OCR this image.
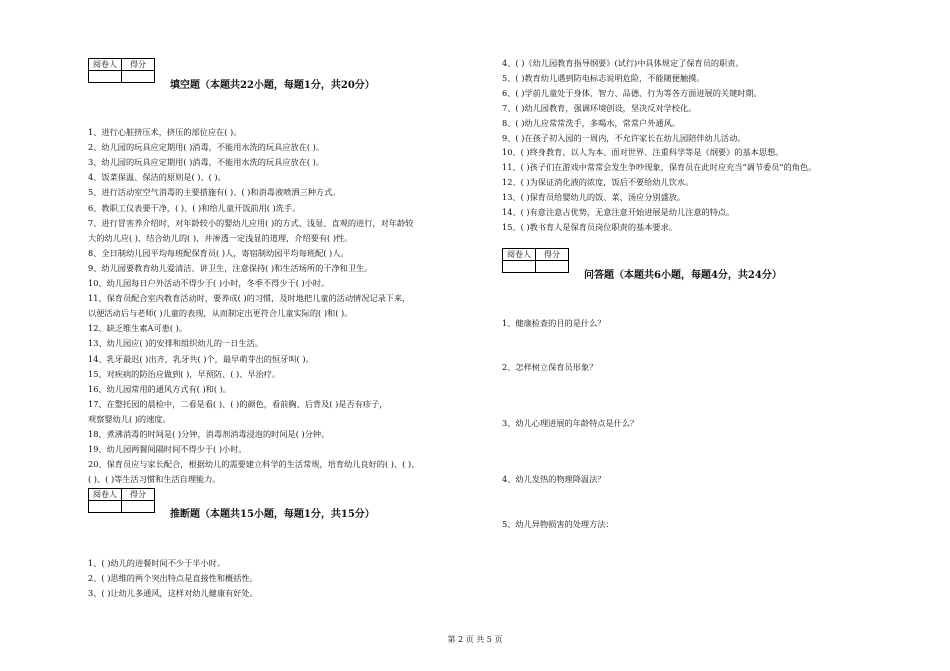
阅卷人	得分

填空题（本题共22小题，每题1分，共20分）
1、进行心脏挤压术，挤压的部位应在( )。
2、幼儿园的玩具应定期用( )消毒，不能用水洗的玩具应放在( )。
3、幼儿园的玩具应定期用( )消毒，不能用水洗的玩具应放在( )。
4、饭菜保温、保洁的原则是( )、( )。
5、进行活动室空气消毒的主要措施有( )、( )和消毒液喷洒三种方式。
6、教职工仪表要干净，( )、( )和给儿童开饭前用( )洗手。
7、进行冒害养介绍时，对年龄较小的婴幼儿应用( )的方式、浅显、直观的进行，对年龄较
大的幼儿应( )，结合幼儿的( )，并渗透一定浅显的道理，介绍要有( )性。
8、全日制幼儿园平均每班配保育员( )人，寄宿制幼园平均每班配( )人。
9、幼儿园要教育幼儿爱清洁、讲卫生，注意保持( )和生活场所的干净和卫生。
10、幼儿园每日户外活动不得少于( )小时，冬季不得少于( )小时。
11、保育员配合室内教育活动时，要养成( )的习惯，及时地把儿童的活动情况记录下来，
以便活动后与老师( )儿童的表现，从而制定出更符合儿童实际的( )和( )。
12、缺乏维生素A可患( )。
13、幼儿园应( )的安排和组织幼儿的一日生活。
14、乳牙最迟( )出齐，乳牙共( )个，最早萌芽出的恒牙叫( )。
15、对疾病的防治应做到( )，早预防、( )、早治疗。
16、幼儿园常用的通风方式有( )和( )。
17、在整托园的晨检中，二看是看( )、( )的颜色，看前胸、后背及( )是否有疹子，
观察婴幼儿( )的速度。
18、煮沸消毒的时间是( )分钟，消毒剂消毒浸泡的时间是( )分钟。
19、幼儿园两餐间隔时间不得少于( )小时。
20、保育员应与家长配合，根据幼儿的需要建立科学的生活常规，培育幼儿良好的( )、( )、
( )、( )等生活习惯和生活自理能力。
阅卷人	得分

推断题（本题共15小题，每题1分，共15分）
1、( )幼儿的进餐时间不少于半小时。
2、( )思维的两个突出特点是直接性和概括性。
3、( )让幼儿多通风，这样对幼儿健康有好处。
4、( )《幼儿园教育指导纲要》(试行)中具体规定了保育员的职责。
5、( )教育幼儿遇到防电标志说明危险，不能随便触摸。
6、( )学前儿童处于身体、智力、品德、行为等各方面进展的关键时期。
7、( )幼儿园教育，强调环境创设，坚决反对学校化。
8、( )幼儿应常常洗手，多喝水，常常户外通风。
9、( )在孩子初入园的一周内，不允许家长在幼儿园陪伴幼儿活动。
10、( )终身教育、以人为本、面对世界、注重科学等是《纲要》的基本思想。
11、( )孩子们在游戏中常常会发生争吵现象，保育员在此时应充当“调节委员”的角色。
12、( )为保证消化液的浓度，饭后不要给幼儿饮水。
13、( )保育员给婴幼儿的饭、菜、汤应分别盛放。
14、( )有意注意占优势，无意注意开始进展是幼儿注意的特点。
15、( )教书育人是保育员岗位职责的基本要求。
阅卷人	得分

问答题（本题共6小题，每题4分，共24分）
1、健康检查的目的是什么？
2、怎样树立保育员形象？
3、幼儿心理进展的年龄特点是什么？
4、幼儿发热的物理降温法？
5、幼儿异物损害的处理方法：
第 2 页 共 5 页
